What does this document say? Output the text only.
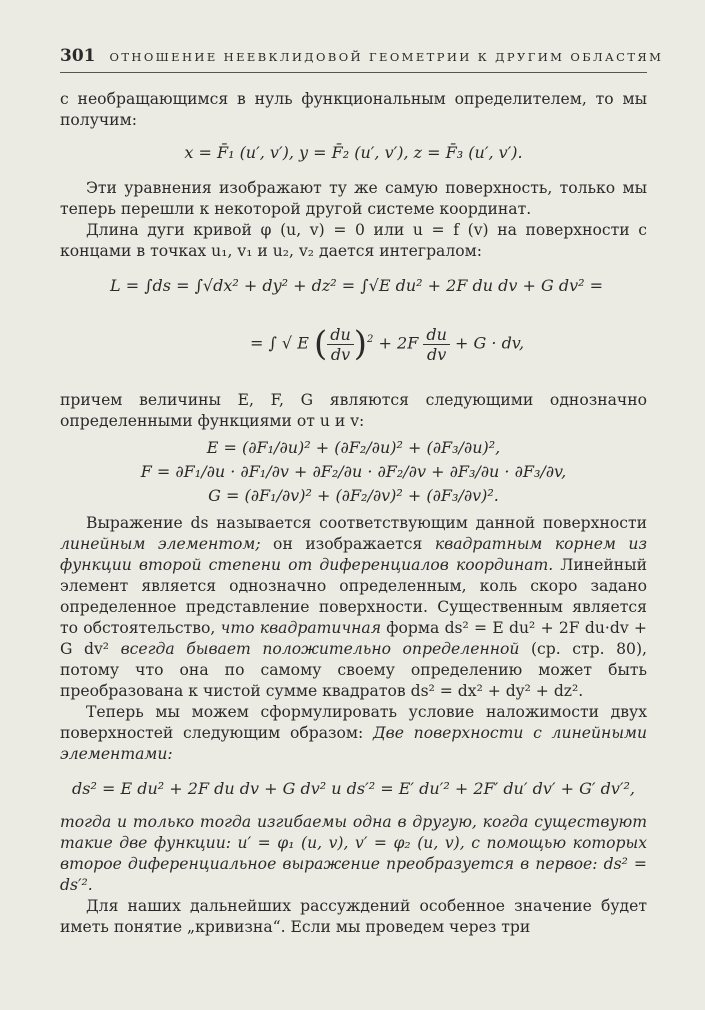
301 ОТНОШЕНИЕ НЕЕВКЛИДОВОЙ ГЕОМЕТРИИ К ДРУГИМ ОБЛАСТЯМ

с необращающимся в нуль функциональным определителем, то мы получим:

x = F̄₁ (u′, v′), y = F̄₂ (u′, v′), z = F̄₃ (u′, v′).

Эти уравнения изображают ту же самую поверхность, только мы теперь перешли к некоторой другой системе координат.

Длина дуги кривой φ (u, v) = 0 или u = f (v) на поверхности с концами в точках u₁, v₁ и u₂, v₂ дается интегралом:

L = ∫ds = ∫√dx² + dy² + dz² = ∫√E du² + 2F du dv + G dv² =
= ∫ √ E ( $\frac{du}{dv} )^2 + 2F \frac{du}{dv} + G$ · dv,

причем величины E, F, G являются следующими однозначно определенными функциями от u и v:

E = (∂F₁/∂u)² + (∂F₂/∂u)² + (∂F₃/∂u)²,
F = ∂F₁/∂u · ∂F₁/∂v + ∂F₂/∂u · ∂F₂/∂v + ∂F₃/∂u · ∂F₃/∂v,
G = (∂F₁/∂v)² + (∂F₂/∂v)² + (∂F₃/∂v)².

Выражение ds называется соответствующим данной поверхности линейным элементом; он изображается квадратным корнем из функции второй степени от диференциалов координат. Линейный элемент является однозначно определенным, коль скоро задано определенное представление поверхности. Существенным является то обстоятельство, что квадратичная форма ds² = E du² + 2F du·dv + G dv² всегда бывает положительно определенной (ср. стр. 80), потому что она по самому своему определению может быть преобразована к чистой сумме квадратов ds² = dx² + dy² + dz².

Теперь мы можем сформулировать условие наложимости двух поверхностей следующим образом: Две поверхности с линейными элементами:

ds² = E du² + 2F du dv + G dv² и ds′² = E′ du′² + 2F′ du′ dv′ + G′ dv′²,

тогда и только тогда изгибаемы одна в другую, когда существуют такие две функции: u′ = φ₁ (u, v), v′ = φ₂ (u, v), с помощью которых второе диференциальное выражение преобразуется в первое: ds² = ds′².

Для наших дальнейших рассуждений особенное значение будет иметь понятие „кривизна“. Если мы проведем через три
